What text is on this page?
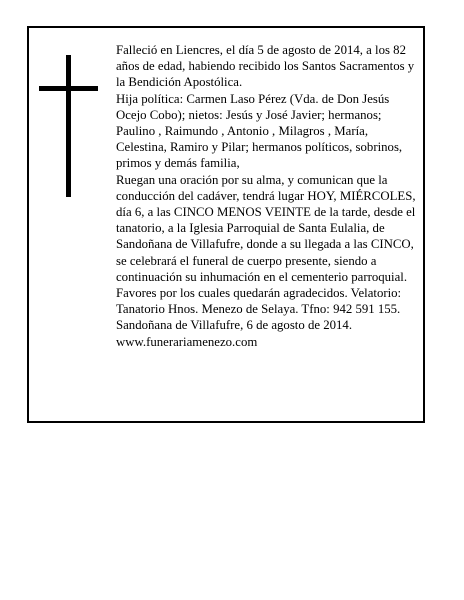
Falleció en Liencres, el día 5 de agosto de 2014, a los 82 años de edad, habiendo recibido los Santos Sacramentos y la Bendición Apostólica.

Hija política: Carmen Laso Pérez (Vda. de Don Jesús Ocejo Cobo); nietos: Jesús y José Javier; hermanos; Paulino , Raimundo , Antonio , Milagros , María, Celestina, Ramiro y Pilar; hermanos políticos, sobrinos, primos y demás familia,

Ruegan una oración por su alma, y comunican que la conducción del cadáver, tendrá lugar HOY, MIÉRCOLES, día 6, a las CINCO MENOS VEINTE de la tarde, desde el tanatorio, a la Iglesia Parroquial de Santa Eulalia, de Sandoñana de Villafufre, donde a su llegada a las CINCO, se celebrará el funeral de cuerpo presente, siendo a continuación su inhumación en el cementerio parroquial. Favores por los cuales quedarán agradecidos. Velatorio: Tanatorio Hnos. Menezo de Selaya. Tfno: 942 591 155.

Sandoñana de Villafufre, 6 de agosto de 2014.

www.funerariamenezo.com
